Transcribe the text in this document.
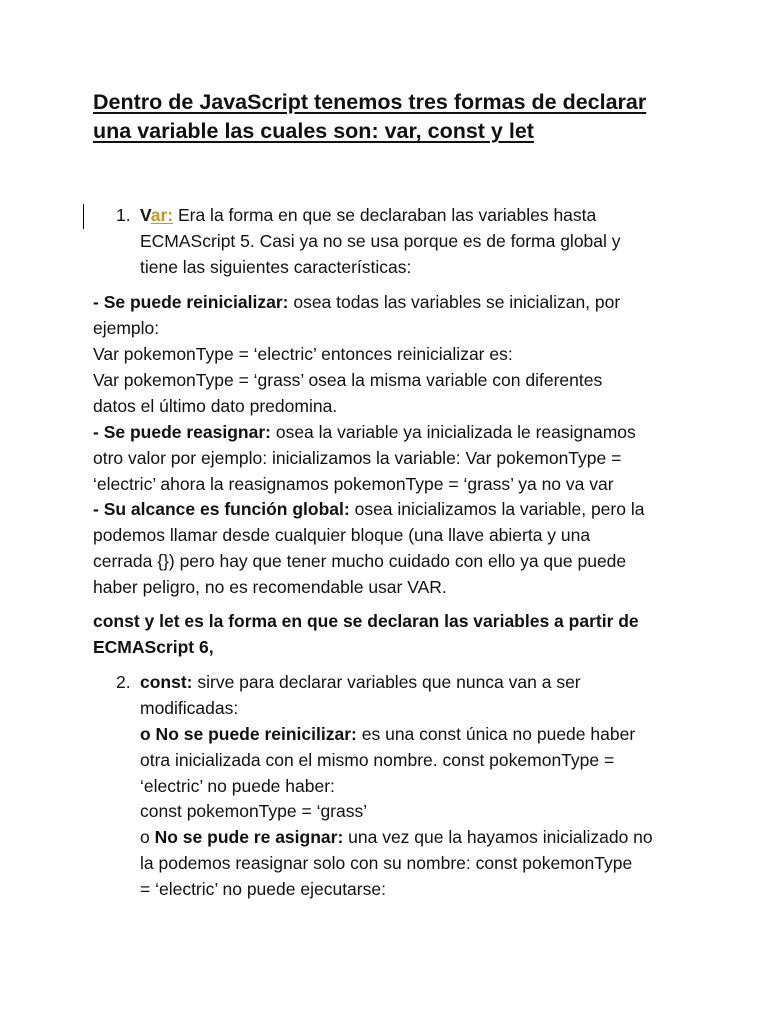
Dentro de JavaScript tenemos tres formas de declarar
una variable las cuales son: var, const y let
1. Var: Era la forma en que se declaraban las variables hasta
ECMAScript 5. Casi ya no se usa porque es de forma global y
tiene las siguientes características:
- Se puede reinicializar: osea todas las variables se inicializan, por
ejemplo:
Var pokemonType = ‘electric’ entonces reinicializar es:
Var pokemonType = ‘grass’ osea la misma variable con diferentes
datos el último dato predomina.
- Se puede reasignar: osea la variable ya inicializada le reasignamos
otro valor por ejemplo: inicializamos la variable: Var pokemonType =
‘electric’ ahora la reasignamos pokemonType = ‘grass’ ya no va var
- Su alcance es función global: osea inicializamos la variable, pero la
podemos llamar desde cualquier bloque (una llave abierta y una
cerrada {}) pero hay que tener mucho cuidado con ello ya que puede
haber peligro, no es recomendable usar VAR.
const y let es la forma en que se declaran las variables a partir de
ECMAScript 6,
2. const: sirve para declarar variables que nunca van a ser
modificadas:
o No se puede reinicilizar: es una const única no puede haber
otra inicializada con el mismo nombre. const pokemonType =
‘electric’ no puede haber:
const pokemonType = ‘grass’
o No se pude re asignar: una vez que la hayamos inicializado no
la podemos reasignar solo con su nombre: const pokemonType
= ‘electric’ no puede ejecutarse:
